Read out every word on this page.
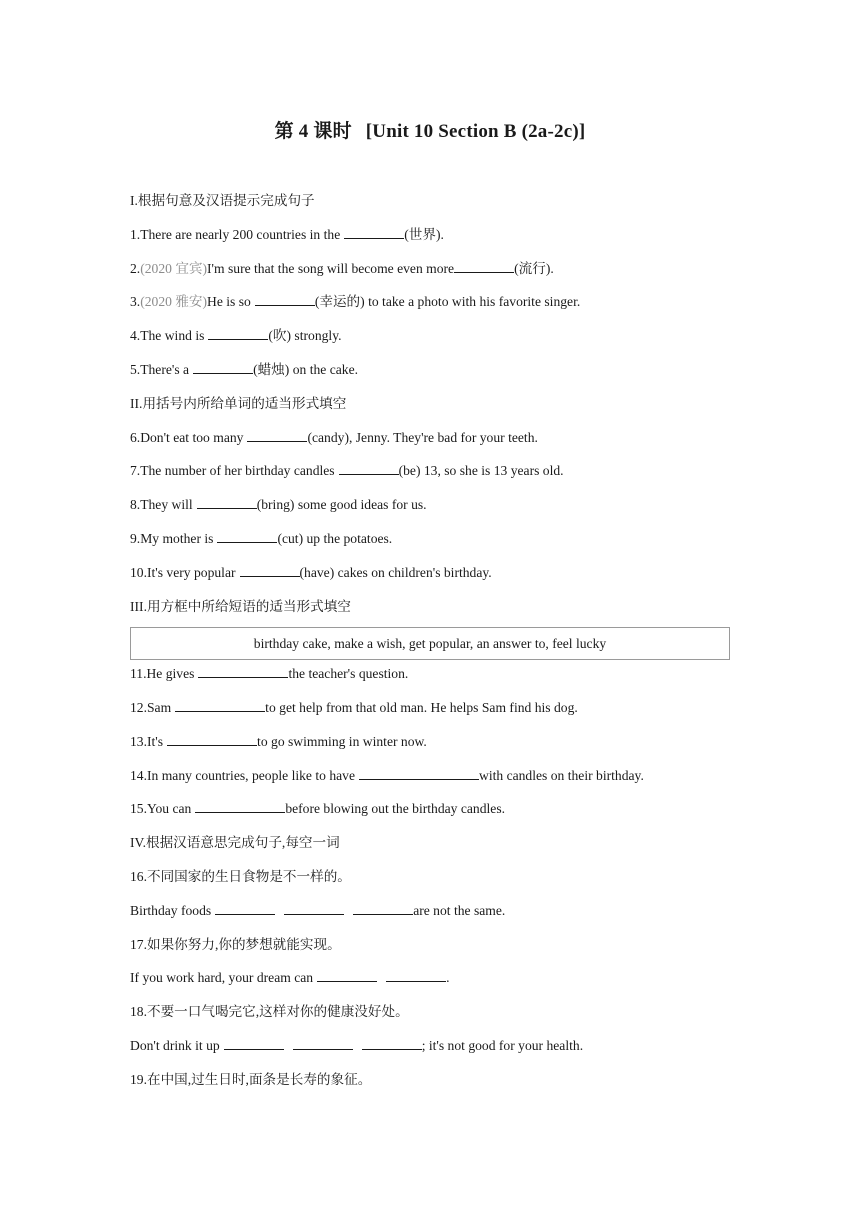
第 4 课时 [Unit 10 Section B (2a-2c)]
I.根据句意及汉语提示完成句子
1.There are nearly 200 countries in the	(世界).
2.(2020 宜宾)I'm sure that the song will become even more	(流行).
3.(2020 雅安)He is so	(幸运的) to take a photo with his favorite singer.
4.The wind is	(吹) strongly.
5.There's a	(蜡烛) on the cake.
II.用括号内所给单词的适当形式填空
6.Don't eat too many	(candy), Jenny. They're bad for your teeth.
7.The number of her birthday candles	(be) 13, so she is 13 years old.
8.They will	(bring) some good ideas for us.
9.My mother is	(cut) up the potatoes.
10.It's very popular	(have) cakes on children's birthday.
III.用方框中所给短语的适当形式填空
birthday cake, make a wish, get popular, an answer to, feel lucky
11.He gives	the teacher's question.
12.Sam	to get help from that old man. He helps Sam find his dog.
13.It's	to go swimming in winter now.
14.In many countries, people like to have	with candles on their birthday.
15.You can	before blowing out the birthday candles.
IV.根据汉语意思完成句子,每空一词
16.不同国家的生日食物是不一样的。
Birthday foods	are not the same.
17.如果你努力,你的梦想就能实现。
If you work hard, your dream can	.
18.不要一口气喝完它,这样对你的健康没好处。
Don't drink it up	; it's not good for your health.
19.在中国,过生日时,面条是长寿的象征。
